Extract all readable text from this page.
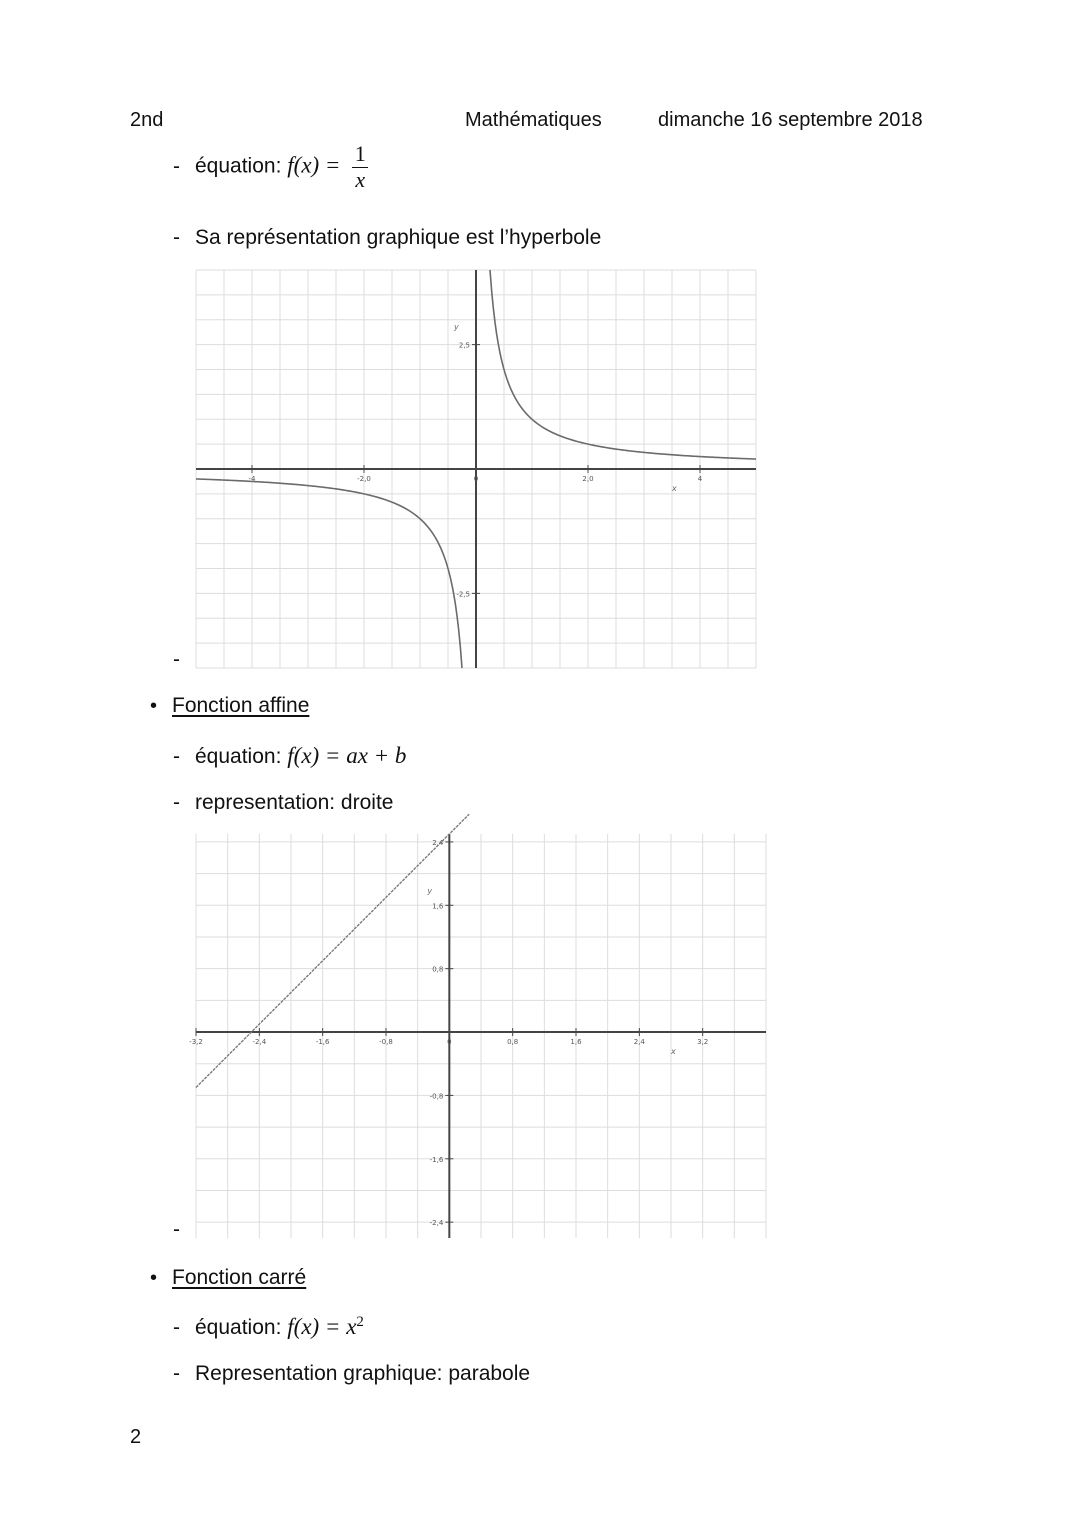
2nd	Mathématiques	dimanche 16 septembre 2018
- équation: $f(x) = \frac{1}{x}$
- Sa représentation graphique est l’hyperbole
-4	-2,0	0	2,0	4
2,5
-2,5
x
y
-
• Fonction affine
- équation: f(x) = ax + b
- representation: droite
-3,2	-2,4	-1,6	-0,8	0	0,8	1,6	2,4	3,2
2,4
1,6
0,8
-0,8
-1,6
-2,4
x
y
-
• Fonction carré
- équation: $f(x) = x^2$
- Representation graphique: parabole
2
